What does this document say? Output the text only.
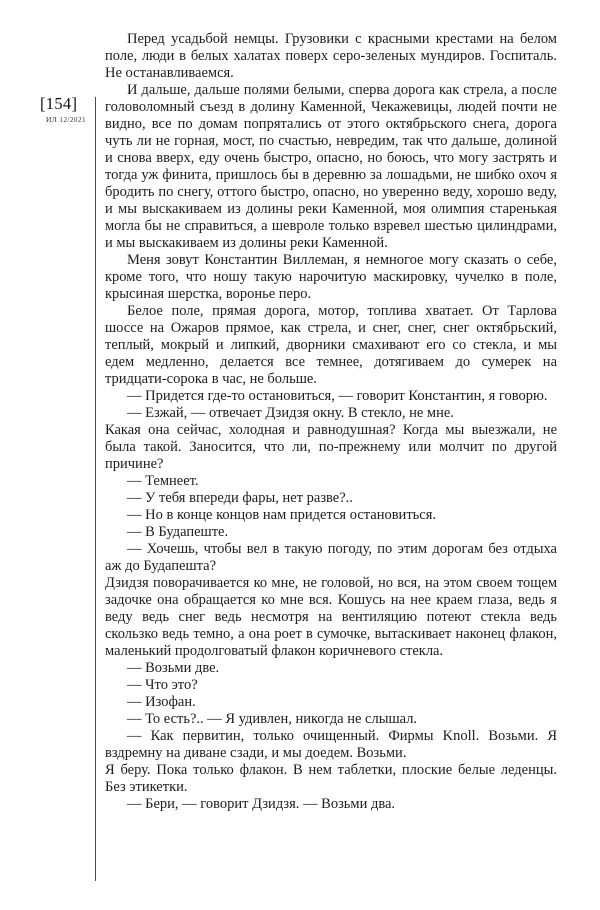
[154]
ИЛ 12/2021

Перед усадьбой немцы. Грузовики с красными крестами на белом поле, люди в белых халатах поверх серо-зеленых мундиров. Госпиталь. Не останавливаемся.

И дальше, дальше полями белыми, сперва дорога как стрела, а после головоломный съезд в долину Каменной, Чекажевицы, людей почти не видно, все по домам попрятались от этого октябрьского снега, дорога чуть ли не горная, мост, по счастью, невредим, так что дальше, долиной и снова вверх, еду очень быстро, опасно, но боюсь, что могу застрять и тогда уж финита, пришлось бы в деревню за лошадьми, не шибко охоч я бродить по снегу, оттого быстро, опасно, но уверенно веду, хорошо веду, и мы выскакиваем из долины реки Каменной, моя олимпия старенькая могла бы не справиться, а шевроле только взревел шестью цилиндрами, и мы выскакиваем из долины реки Каменной.

Меня зовут Константин Виллеман, я немногое могу сказать о себе, кроме того, что ношу такую нарочитую маскировку, чучелко в поле, крысиная шерстка, воронье перо.

Белое поле, прямая дорога, мотор, топлива хватает. От Тарлова шоссе на Ожаров прямое, как стрела, и снег, снег, снег октябрьский, теплый, мокрый и липкий, дворники смахивают его со стекла, и мы едем медленно, делается все темнее, дотягиваем до сумерек на тридцати-сорока в час, не больше.

— Придется где-то остановиться, — говорит Константин, я говорю.

— Езжай, — отвечает Дзидзя окну. В стекло, не мне.

Какая она сейчас, холодная и равнодушная? Когда мы выезжали, не была такой. Заносится, что ли, по-прежнему или молчит по другой причине?

— Темнеет.

— У тебя впереди фары, нет разве?..

— Но в конце концов нам придется остановиться.

— В Будапеште.

— Хочешь, чтобы вел в такую погоду, по этим дорогам без отдыха аж до Будапешта?

Дзидзя поворачивается ко мне, не головой, но вся, на этом своем тощем задочке она обращается ко мне вся. Кошусь на нее краем глаза, ведь я веду ведь снег ведь несмотря на вентиляцию потеют стекла ведь скользко ведь темно, а она роет в сумочке, вытаскивает наконец флакон, маленький продолговатый флакон коричневого стекла.

— Возьми две.

— Что это?

— Изофан.

— То есть?.. — Я удивлен, никогда не слышал.

— Как первитин, только очищенный. Фирмы Knoll. Возьми. Я вздремну на диване сзади, и мы доедем. Возьми.

Я беру. Пока только флакон. В нем таблетки, плоские белые леденцы. Без этикетки.

— Бери, — говорит Дзидзя. — Возьми два.
